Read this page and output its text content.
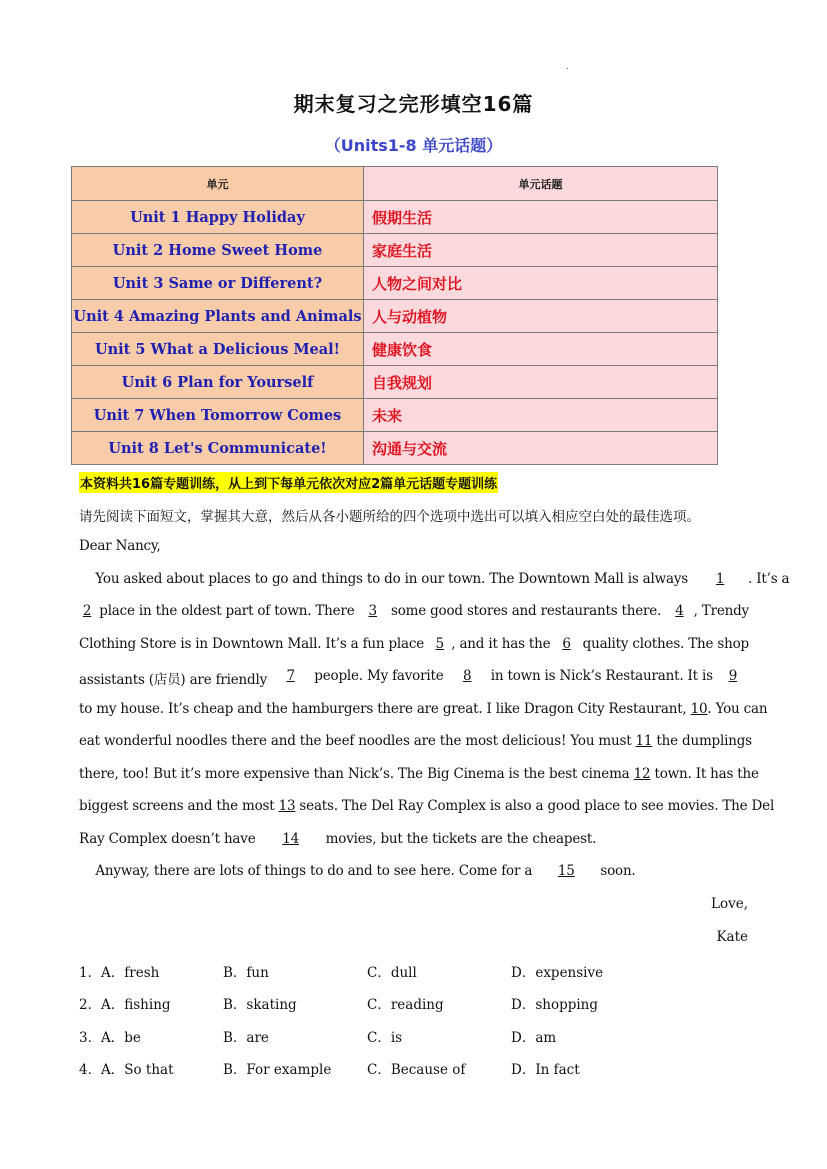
.
期末复习之完形填空16篇
（Units1-8 单元话题）
单元	单元话题
Unit 1 Happy Holiday	假期生活
Unit 2 Home Sweet Home	家庭生活
Unit 3 Same or Different?	人物之间对比
Unit 4 Amazing Plants and Animals	人与动植物
Unit 5 What a Delicious Meal!	健康饮食
Unit 6 Plan for Yourself	自我规划
Unit 7 When Tomorrow Comes	未来
Unit 8 Let's Communicate!	沟通与交流
本资料共16篇专题训练，从上到下每单元依次对应2篇单元话题专题训练
请先阅读下面短文，掌握其大意，然后从各小题所给的四个选项中选出可以填入相应空白处的最佳选项。
Dear Nancy,
You asked about places to go and things to do in our town. The Downtown Mall is always 1 . It’s a
2 place in the oldest part of town. There 3 some good stores and restaurants there. 4 , Trendy
Clothing Store is in Downtown Mall. It’s a fun place 5 , and it has the 6 quality clothes. The shop
assistants (店员) are friendly	7	people. My favorite	8	in town is Nick’s Restaurant. It is 9
to my house. It’s cheap and the hamburgers there are great. I like Dragon City Restaurant, 10 . You can
eat wonderful noodles there and the beef noodles are the most delicious! You must 11 the dumplings
there, too! But it’s more expensive than Nick’s. The Big Cinema is the best cinema 12 town. It has the
biggest screens and the most 13 seats. The Del Ray Complex is also a good place to see movies. The Del
Ray Complex doesn’t have 14 movies, but the tickets are the cheapest.
Anyway, there are lots of things to do and to see here. Come for a 15 soon.
Love,
Kate
1． A．fresh	B．fun	C．dull	D．expensive
2． A．fishing	B．skating	C．reading	D．shopping
3． A．be	B．are	C．is	D．am
4． A．So that	B．For example	C．Because of	D．In fact
